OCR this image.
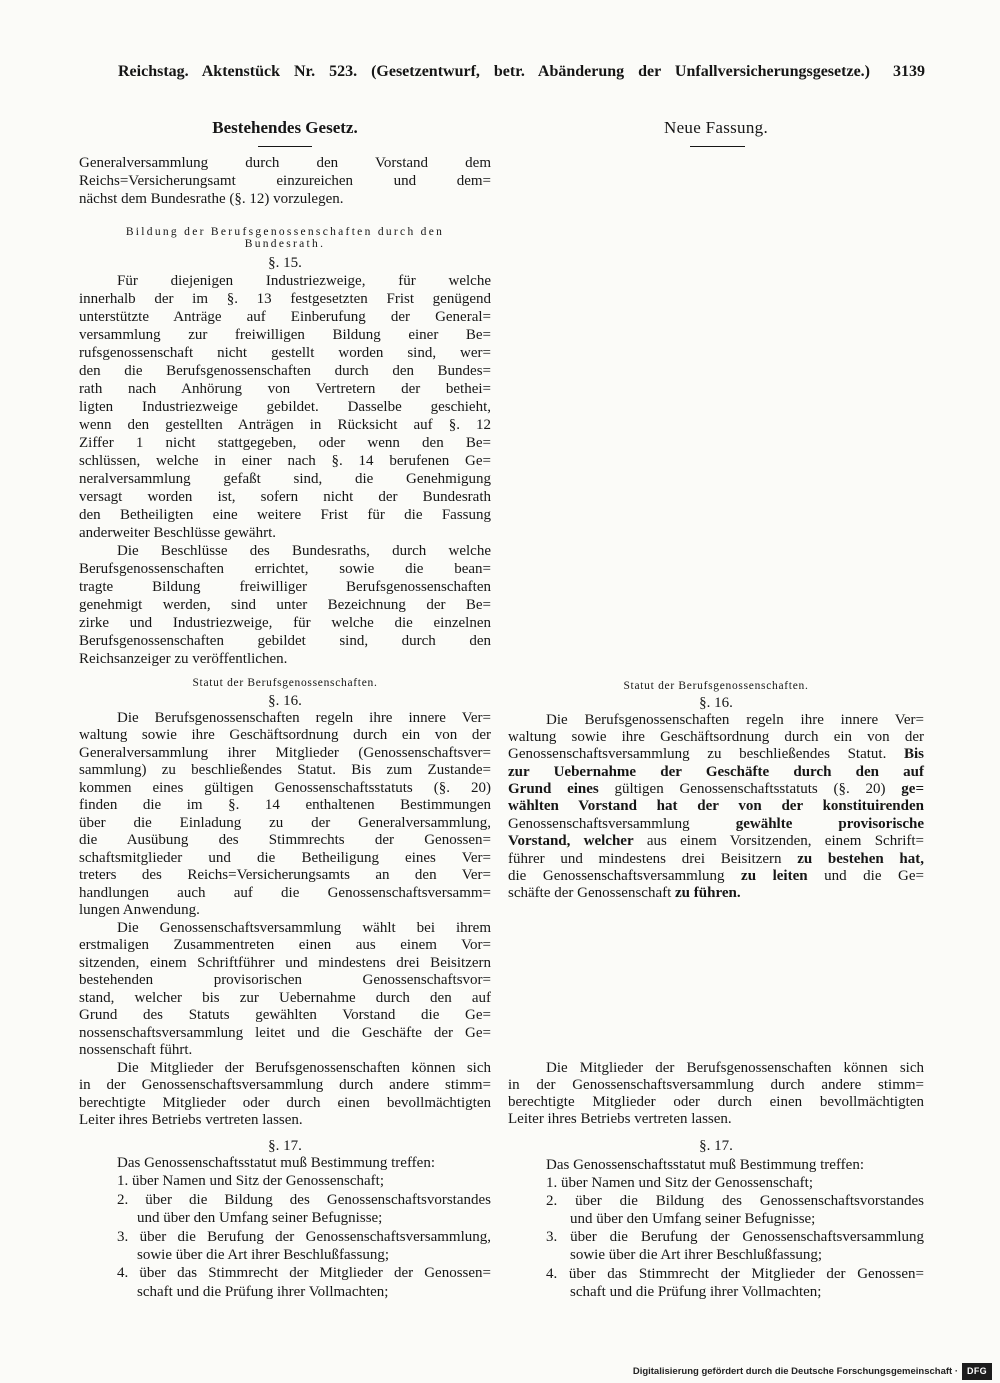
Reichstag. Aktenstück Nr. 523. (Gesetzentwurf, betr. Abänderung der Unfallversicherungsgesetze.)	3139
Bestehendes Gesetz.
Generalversammlung durch den Vorstand dem
Reichs=Versicherungsamt einzureichen und dem=
nächst dem Bundesrathe (§. 12) vorzulegen.
Bildung der Berufsgenossenschaften durch den
Bundesrath.
§. 15.
Für diejenigen Industriezweige, für welche
innerhalb der im §. 13 festgesetzten Frist genügend
unterstützte Anträge auf Einberufung der General=
versammlung zur freiwilligen Bildung einer Be=
rufsgenossenschaft nicht gestellt worden sind, wer=
den die Berufsgenossenschaften durch den Bundes=
rath nach Anhörung von Vertretern der bethei=
ligten Industriezweige gebildet. Dasselbe geschieht,
wenn den gestellten Anträgen in Rücksicht auf §. 12
Ziffer 1 nicht stattgegeben, oder wenn den Be=
schlüssen, welche in einer nach §. 14 berufenen Ge=
neralversammlung gefaßt sind, die Genehmigung
versagt worden ist, sofern nicht der Bundesrath
den Betheiligten eine weitere Frist für die Fassung
anderweiter Beschlüsse gewährt.
Die Beschlüsse des Bundesraths, durch welche
Berufsgenossenschaften errichtet, sowie die bean=
tragte Bildung freiwilliger Berufsgenossenschaften
genehmigt werden, sind unter Bezeichnung der Be=
zirke und Industriezweige, für welche die einzelnen
Berufsgenossenschaften gebildet sind, durch den
Reichsanzeiger zu veröffentlichen.
Statut der Berufsgenossenschaften.
§. 16.
Die Berufsgenossenschaften regeln ihre innere Ver=
waltung sowie ihre Geschäftsordnung durch ein von der
Generalversammlung ihrer Mitglieder (Genossenschaftsver=
sammlung) zu beschließendes Statut. Bis zum Zustande=
kommen eines gültigen Genossenschaftsstatuts (§. 20)
finden die im §. 14 enthaltenen Bestimmungen
über die Einladung zu der Generalversammlung,
die Ausübung des Stimmrechts der Genossen=
schaftsmitglieder und die Betheiligung eines Ver=
treters des Reichs=Versicherungsamts an den Ver=
handlungen auch auf die Genossenschaftsversamm=
lungen Anwendung.
Die Genossenschaftsversammlung wählt bei ihrem
erstmaligen Zusammentreten einen aus einem Vor=
sitzenden, einem Schriftführer und mindestens drei Beisitzern
bestehenden provisorischen Genossenschaftsvor=
stand, welcher bis zur Uebernahme durch den auf
Grund des Statuts gewählten Vorstand die Ge=
nossenschaftsversammlung leitet und die Geschäfte der Ge=
nossenschaft führt.
Die Mitglieder der Berufsgenossenschaften können sich
in der Genossenschaftsversammlung durch andere stimm=
berechtigte Mitglieder oder durch einen bevollmächtigten
Leiter ihres Betriebs vertreten lassen.
§. 17.
Das Genossenschaftsstatut muß Bestimmung treffen:
1. über Namen und Sitz der Genossenschaft;
2. über die Bildung des Genossenschaftsvorstandes
und über den Umfang seiner Befugnisse;
3. über die Berufung der Genossenschaftsversammlung,
sowie über die Art ihrer Beschlußfassung;
4. über das Stimmrecht der Mitglieder der Genossen=
schaft und die Prüfung ihrer Vollmachten;
Neue Fassung.
Statut der Berufsgenossenschaften.
§. 16.
Die Berufsgenossenschaften regeln ihre innere Ver=
waltung sowie ihre Geschäftsordnung durch ein von der
Genossenschaftsversammlung zu beschließendes Statut. Bis
zur Uebernahme der Geschäfte durch den auf
Grund eines gültigen Genossenschaftsstatuts (§. 20) ge=
wählten Vorstand hat der von der konstituirenden
Genossenschaftsversammlung gewählte provisorische
Vorstand, welcher aus einem Vorsitzenden, einem Schrift=
führer und mindestens drei Beisitzern zu bestehen hat,
die Genossenschaftsversammlung zu leiten und die Ge=
schäfte der Genossenschaft zu führen.
Die Mitglieder der Berufsgenossenschaften können sich
in der Genossenschaftsversammlung durch andere stimm=
berechtigte Mitglieder oder durch einen bevollmächtigten
Leiter ihres Betriebs vertreten lassen.
§. 17.
Das Genossenschaftsstatut muß Bestimmung treffen:
1. über Namen und Sitz der Genossenschaft;
2. über die Bildung des Genossenschaftsvorstandes
und über den Umfang seiner Befugnisse;
3. über die Berufung der Genossenschaftsversammlung
sowie über die Art ihrer Beschlußfassung;
4. über das Stimmrecht der Mitglieder der Genossen=
schaft und die Prüfung ihrer Vollmachten;
Digitalisierung gefördert durch die Deutsche Forschungsgemeinschaft ·	DFG
